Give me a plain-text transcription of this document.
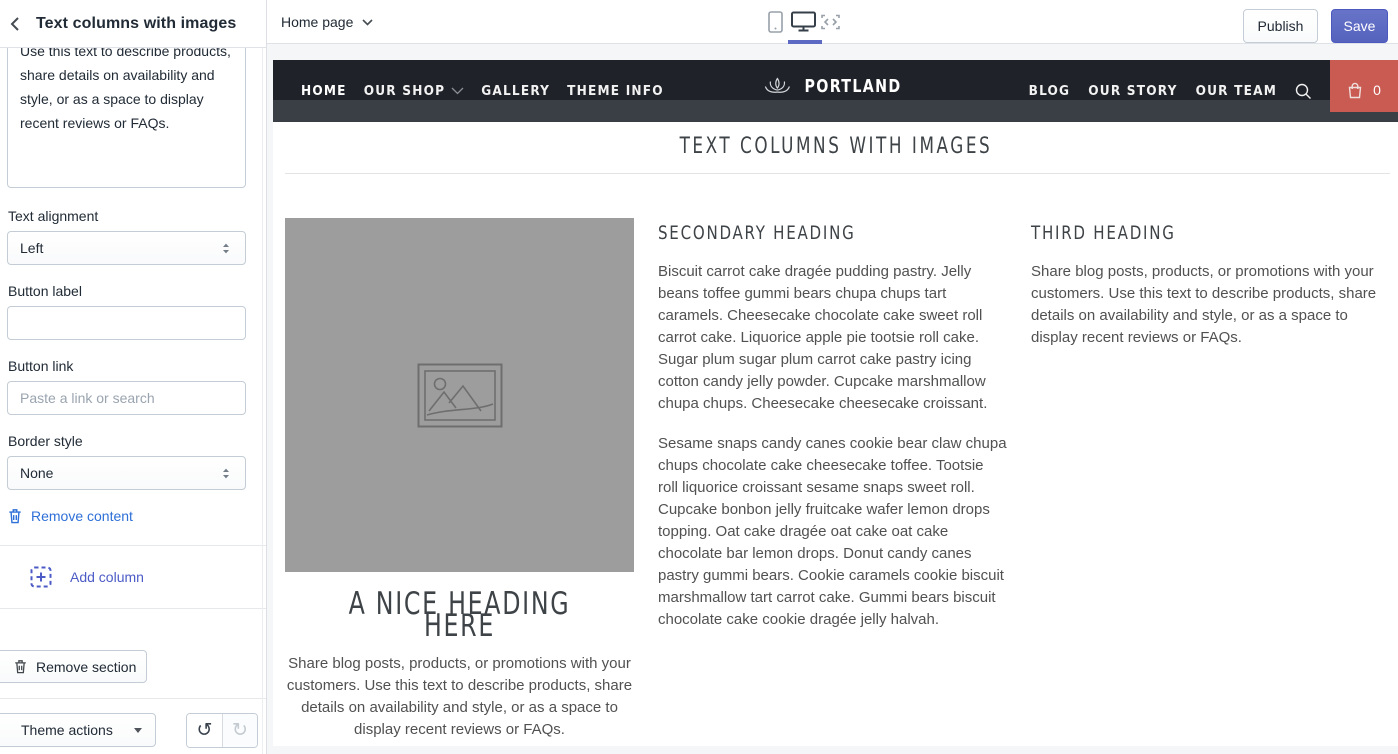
Use this text to describe products, share details on availability and style, or as a space to display recent reviews or FAQs.
Text alignment
Left
Button label
Button link
Paste a link or search
Border style
None
Remove content
Add column
Remove section
Theme actions	↺	↻
Text columns with images	Home page	Publish	Save
HOME OUR SHOP	GALLERY THEME INFO	PORTLAND	BLOG OUR STORY OUR TEAM	0
TEXT COLUMNS WITH IMAGES
A NICE HEADING HERE

Share blog posts, products, or promotions with your customers. Use this text to describe products, share details on availability and style, or as a space to display recent reviews or FAQs.

SECONDARY HEADING

Biscuit carrot cake dragée pudding pastry. Jelly beans toffee gummi bears chupa chups tart caramels. Cheesecake chocolate cake sweet roll carrot cake. Liquorice apple pie tootsie roll cake. Sugar plum sugar plum carrot cake pastry icing cotton candy jelly powder. Cupcake marshmallow chupa chups. Cheesecake cheesecake croissant.

Sesame snaps candy canes cookie bear claw chupa chups chocolate cake cheesecake toffee. Tootsie roll liquorice croissant sesame snaps sweet roll. Cupcake bonbon jelly fruitcake wafer lemon drops topping. Oat cake dragée oat cake oat cake chocolate bar lemon drops. Donut candy canes pastry gummi bears. Cookie caramels cookie biscuit marshmallow tart carrot cake. Gummi bears biscuit chocolate cake cookie dragée jelly halvah.

THIRD HEADING

Share blog posts, products, or promotions with your customers. Use this text to describe products, share details on availability and style, or as a space to display recent reviews or FAQs.
